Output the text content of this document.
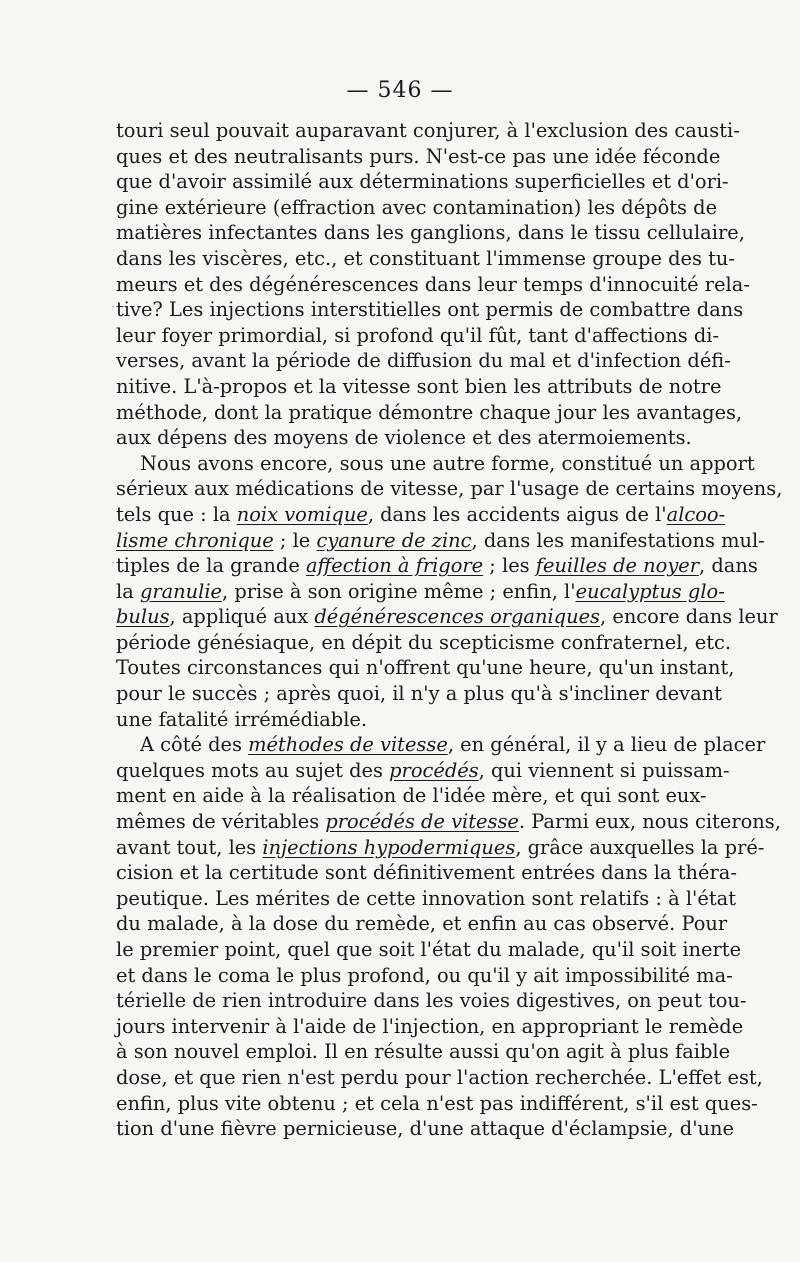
— 546 —
touri seul pouvait auparavant conjurer, à l'exclusion des causti-
ques et des neutralisants purs. N'est-ce pas une idée féconde
que d'avoir assimilé aux déterminations superficielles et d'ori-
gine extérieure (effraction avec contamination) les dépôts de
matières infectantes dans les ganglions, dans le tissu cellulaire,
dans les viscères, etc., et constituant l'immense groupe des tu-
meurs et des dégénérescences dans leur temps d'innocuité rela-
tive? Les injections interstitielles ont permis de combattre dans
leur foyer primordial, si profond qu'il fût, tant d'affections di-
verses, avant la période de diffusion du mal et d'infection défi-
nitive. L'à-propos et la vitesse sont bien les attributs de notre
méthode, dont la pratique démontre chaque jour les avantages,
aux dépens des moyens de violence et des atermoiements.
Nous avons encore, sous une autre forme, constitué un apport
sérieux aux médications de vitesse, par l'usage de certains moyens,
tels que : la noix vomique, dans les accidents aigus de l'alcoo-
lisme chronique ; le cyanure de zinc, dans les manifestations mul-
tiples de la grande affection à frigore ; les feuilles de noyer, dans
la granulie, prise à son origine même ; enfin, l'eucalyptus glo-
bulus, appliqué aux dégénérescences organiques, encore dans leur
période génésiaque, en dépit du scepticisme confraternel, etc.
Toutes circonstances qui n'offrent qu'une heure, qu'un instant,
pour le succès ; après quoi, il n'y a plus qu'à s'incliner devant
une fatalité irrémédiable.
A côté des méthodes de vitesse, en général, il y a lieu de placer
quelques mots au sujet des procédés, qui viennent si puissam-
ment en aide à la réalisation de l'idée mère, et qui sont eux-
mêmes de véritables procédés de vitesse. Parmi eux, nous citerons,
avant tout, les injections hypodermiques, grâce auxquelles la pré-
cision et la certitude sont définitivement entrées dans la théra-
peutique. Les mérites de cette innovation sont relatifs : à l'état
du malade, à la dose du remède, et enfin au cas observé. Pour
le premier point, quel que soit l'état du malade, qu'il soit inerte
et dans le coma le plus profond, ou qu'il y ait impossibilité ma-
térielle de rien introduire dans les voies digestives, on peut tou-
jours intervenir à l'aide de l'injection, en appropriant le remède
à son nouvel emploi. Il en résulte aussi qu'on agit à plus faible
dose, et que rien n'est perdu pour l'action recherchée. L'effet est,
enfin, plus vite obtenu ; et cela n'est pas indifférent, s'il est ques-
tion d'une fièvre pernicieuse, d'une attaque d'éclampsie, d'une
